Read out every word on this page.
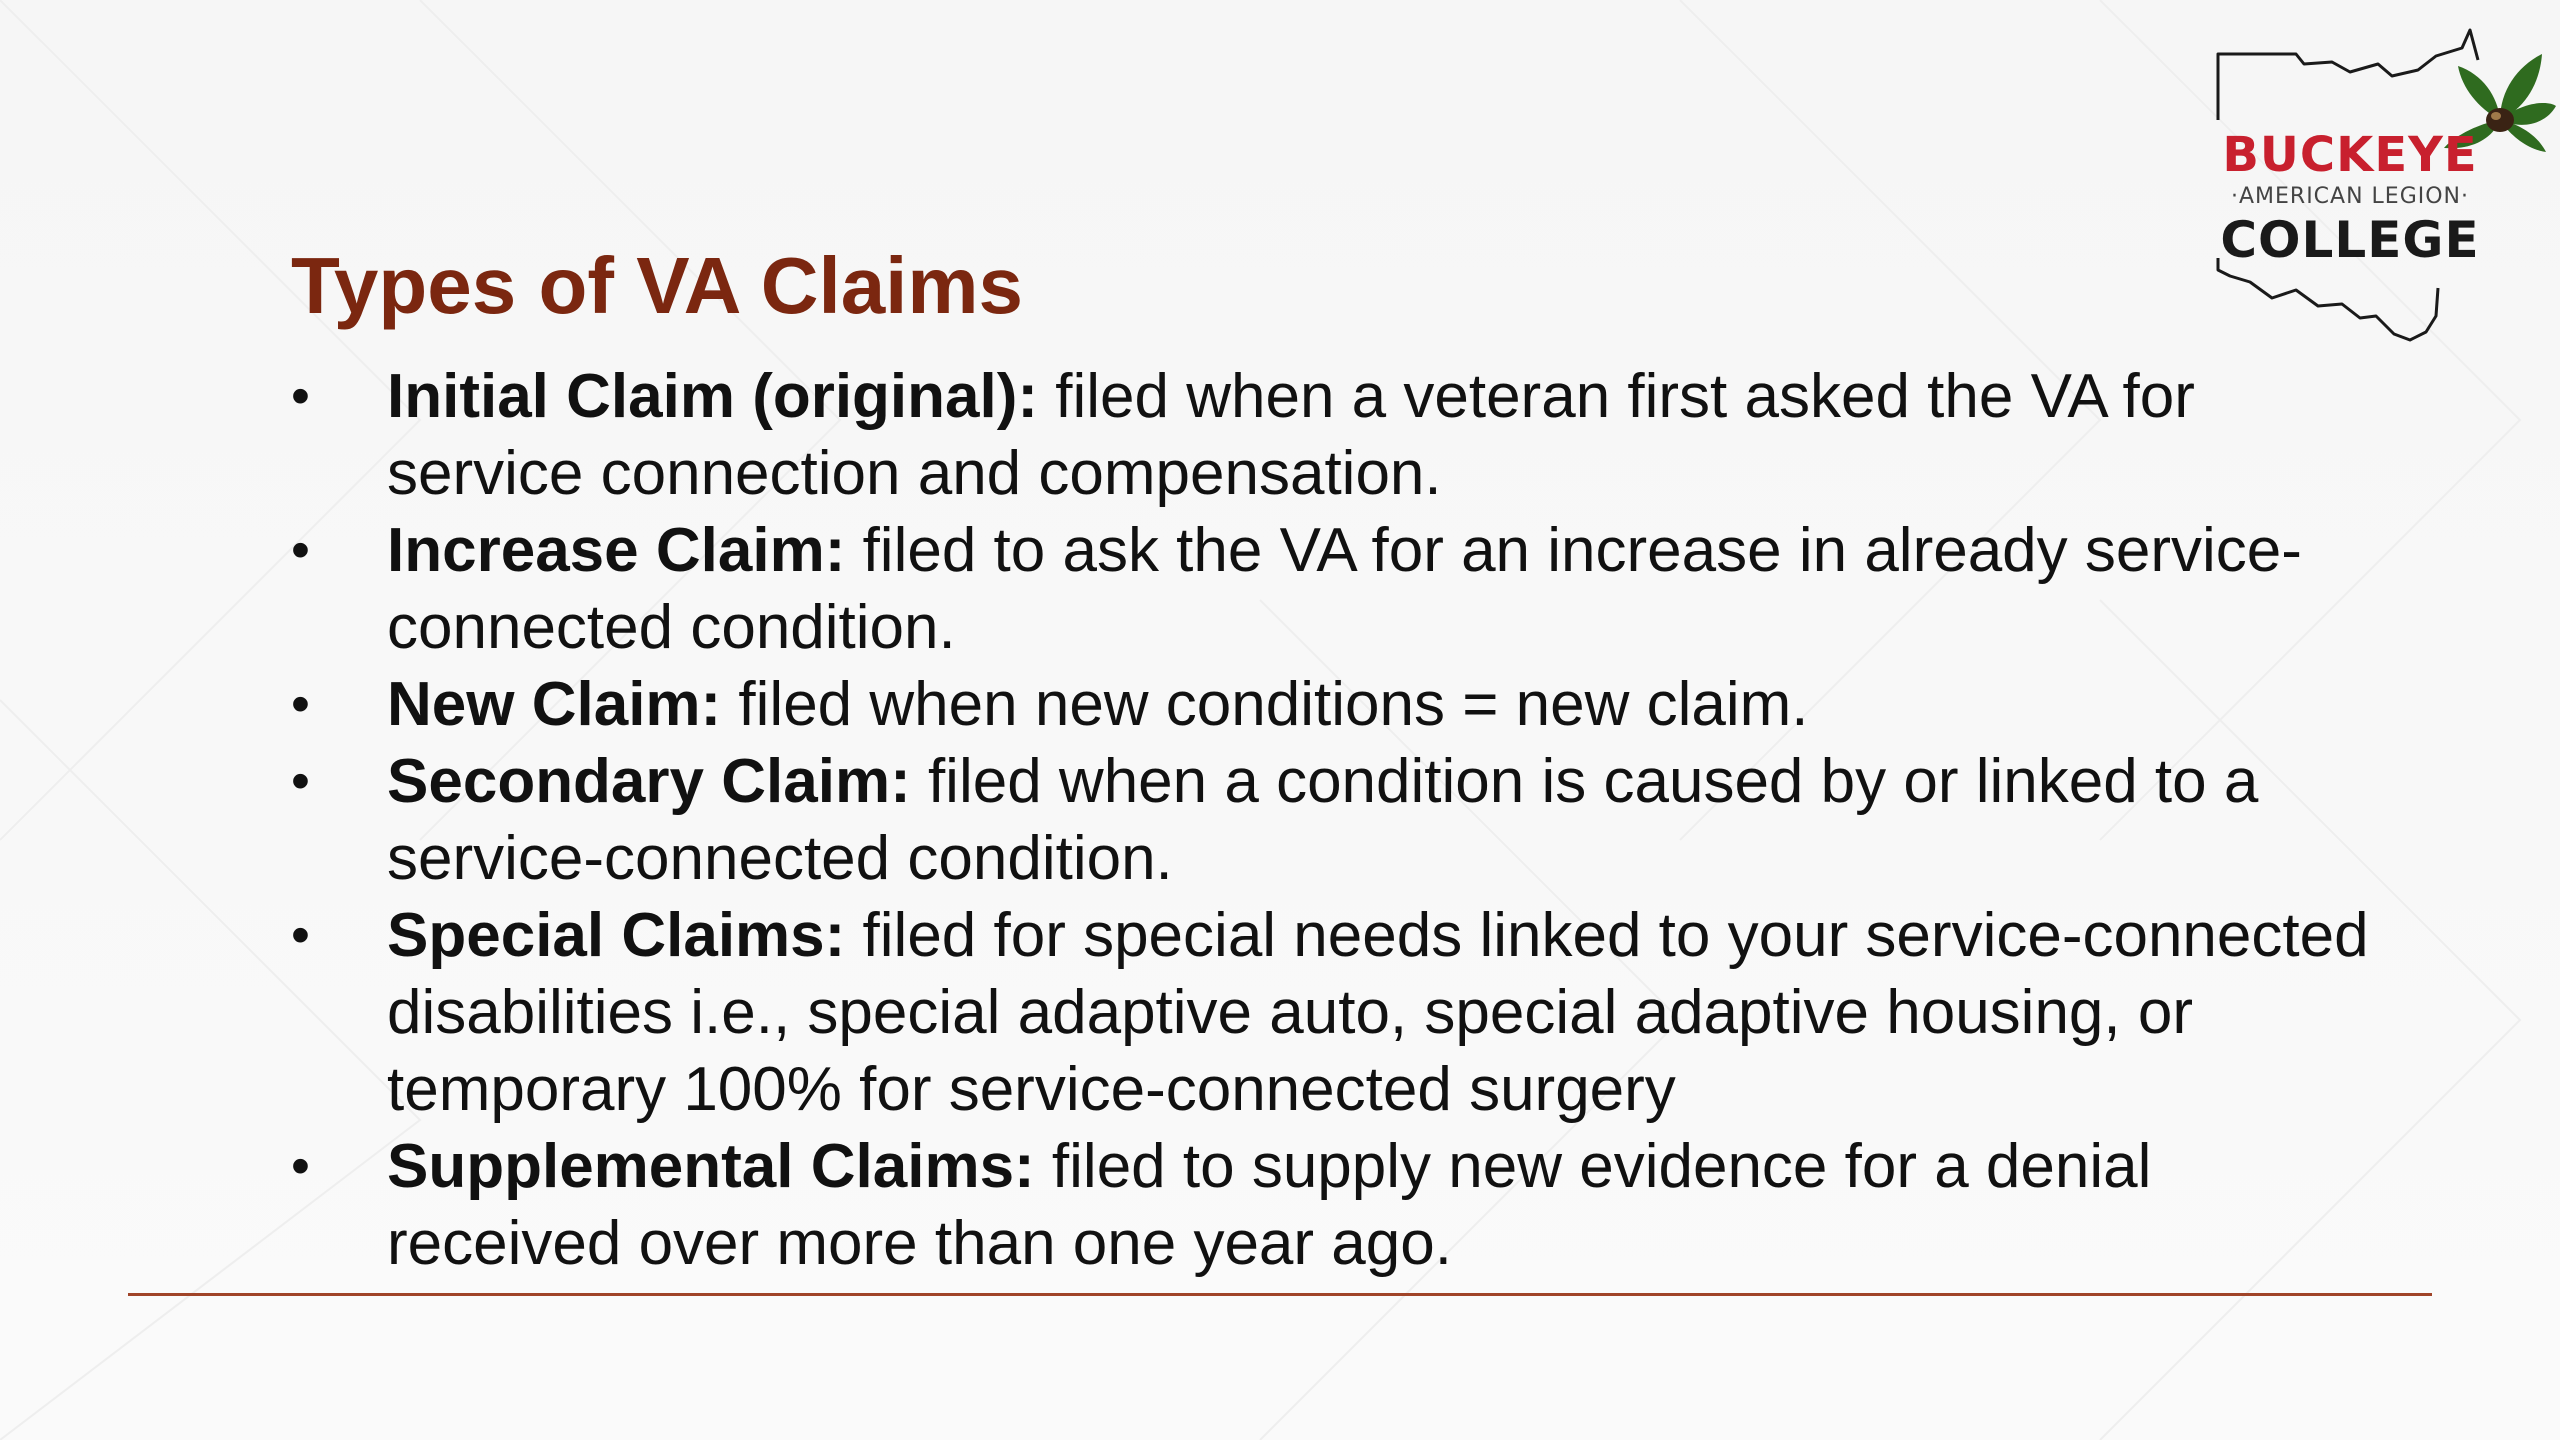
Types of VA Claims
•	Initial Claim (original): filed when a veteran first asked the VA for service connection and compensation.
•	Increase Claim: filed to ask the VA for an increase in already service-connected condition.
•	New Claim: filed when new conditions = new claim.
•	Secondary Claim: filed when a condition is caused by or linked to a service-connected condition.
•	Special Claims: filed for special needs linked to your service-connected disabilities i.e., special adaptive auto, special adaptive housing, or temporary 100% for service-connected surgery
•	Supplemental Claims: filed to supply new evidence for a denial received over more than one year ago.
BUCKEYE
·AMERICAN LEGION·
COLLEGE
